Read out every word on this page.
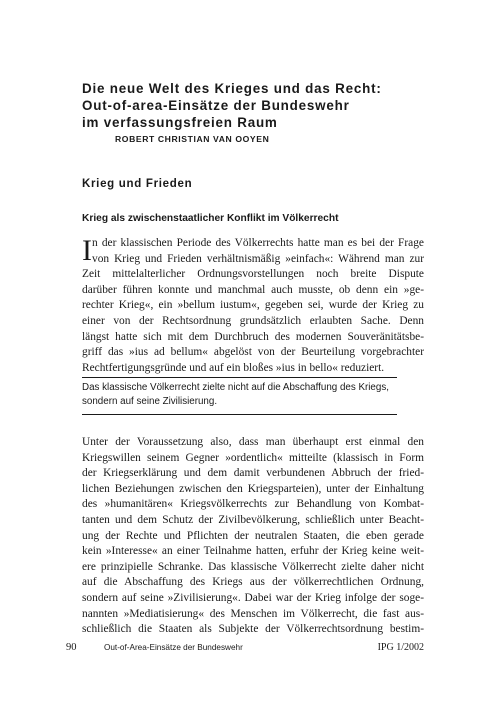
Die neue Welt des Krieges und das Recht:
Out-of-area-Einsätze der Bundeswehr
im verfassungsfreien Raum

ROBERT CHRISTIAN VAN OOYEN

Krieg und Frieden
Krieg als zwischenstaatlicher Konflikt im Völkerrecht
I n der klassischen Periode des Völkerrechts hatte man es bei der Frage
von Krieg und Frieden verhältnismäßig »einfach«: Während man zur
Zeit mittelalterlicher Ordnungsvorstellungen noch breite Dispute
darüber führen konnte und manchmal auch musste, ob denn ein »ge-
rechter Krieg«, ein »bellum iustum«, gegeben sei, wurde der Krieg zu
einer von der Rechtsordnung grundsätzlich erlaubten Sache. Denn
längst hatte sich mit dem Durchbruch des modernen Souveränitätsbe-
griff das »ius ad bellum« abgelöst von der Beurteilung vorgebrachter
Rechtfertigungsgründe und auf ein bloßes »ius in bello« reduziert.

Das klassische Völkerrecht zielte nicht auf die Abschaffung des Kriegs,
sondern auf seine Zivilisierung.

Unter der Voraussetzung also, dass man überhaupt erst einmal den
Kriegswillen seinem Gegner »ordentlich« mitteilte (klassisch in Form
der Kriegserklärung und dem damit verbundenen Abbruch der fried-
lichen Beziehungen zwischen den Kriegsparteien), unter der Einhaltung
des »humanitären« Kriegsvölkerrechts zur Behandlung von Kombat-
tanten und dem Schutz der Zivilbevölkerung, schließlich unter Beacht-
ung der Rechte und Pflichten der neutralen Staaten, die eben gerade
kein »Interesse« an einer Teilnahme hatten, erfuhr der Krieg keine weit-
ere prinzipielle Schranke. Das klassische Völkerrecht zielte daher nicht
auf die Abschaffung des Kriegs aus der völkerrechtlichen Ordnung,
sondern auf seine »Zivilisierung«. Dabei war der Krieg infolge der soge-
nannten »Mediatisierung« des Menschen im Völkerrecht, die fast aus-
schließlich die Staaten als Subjekte der Völkerrechtsordnung bestim-

90	Out-of-Area-Einsätze der Bundeswehr	IPG 1/2002
